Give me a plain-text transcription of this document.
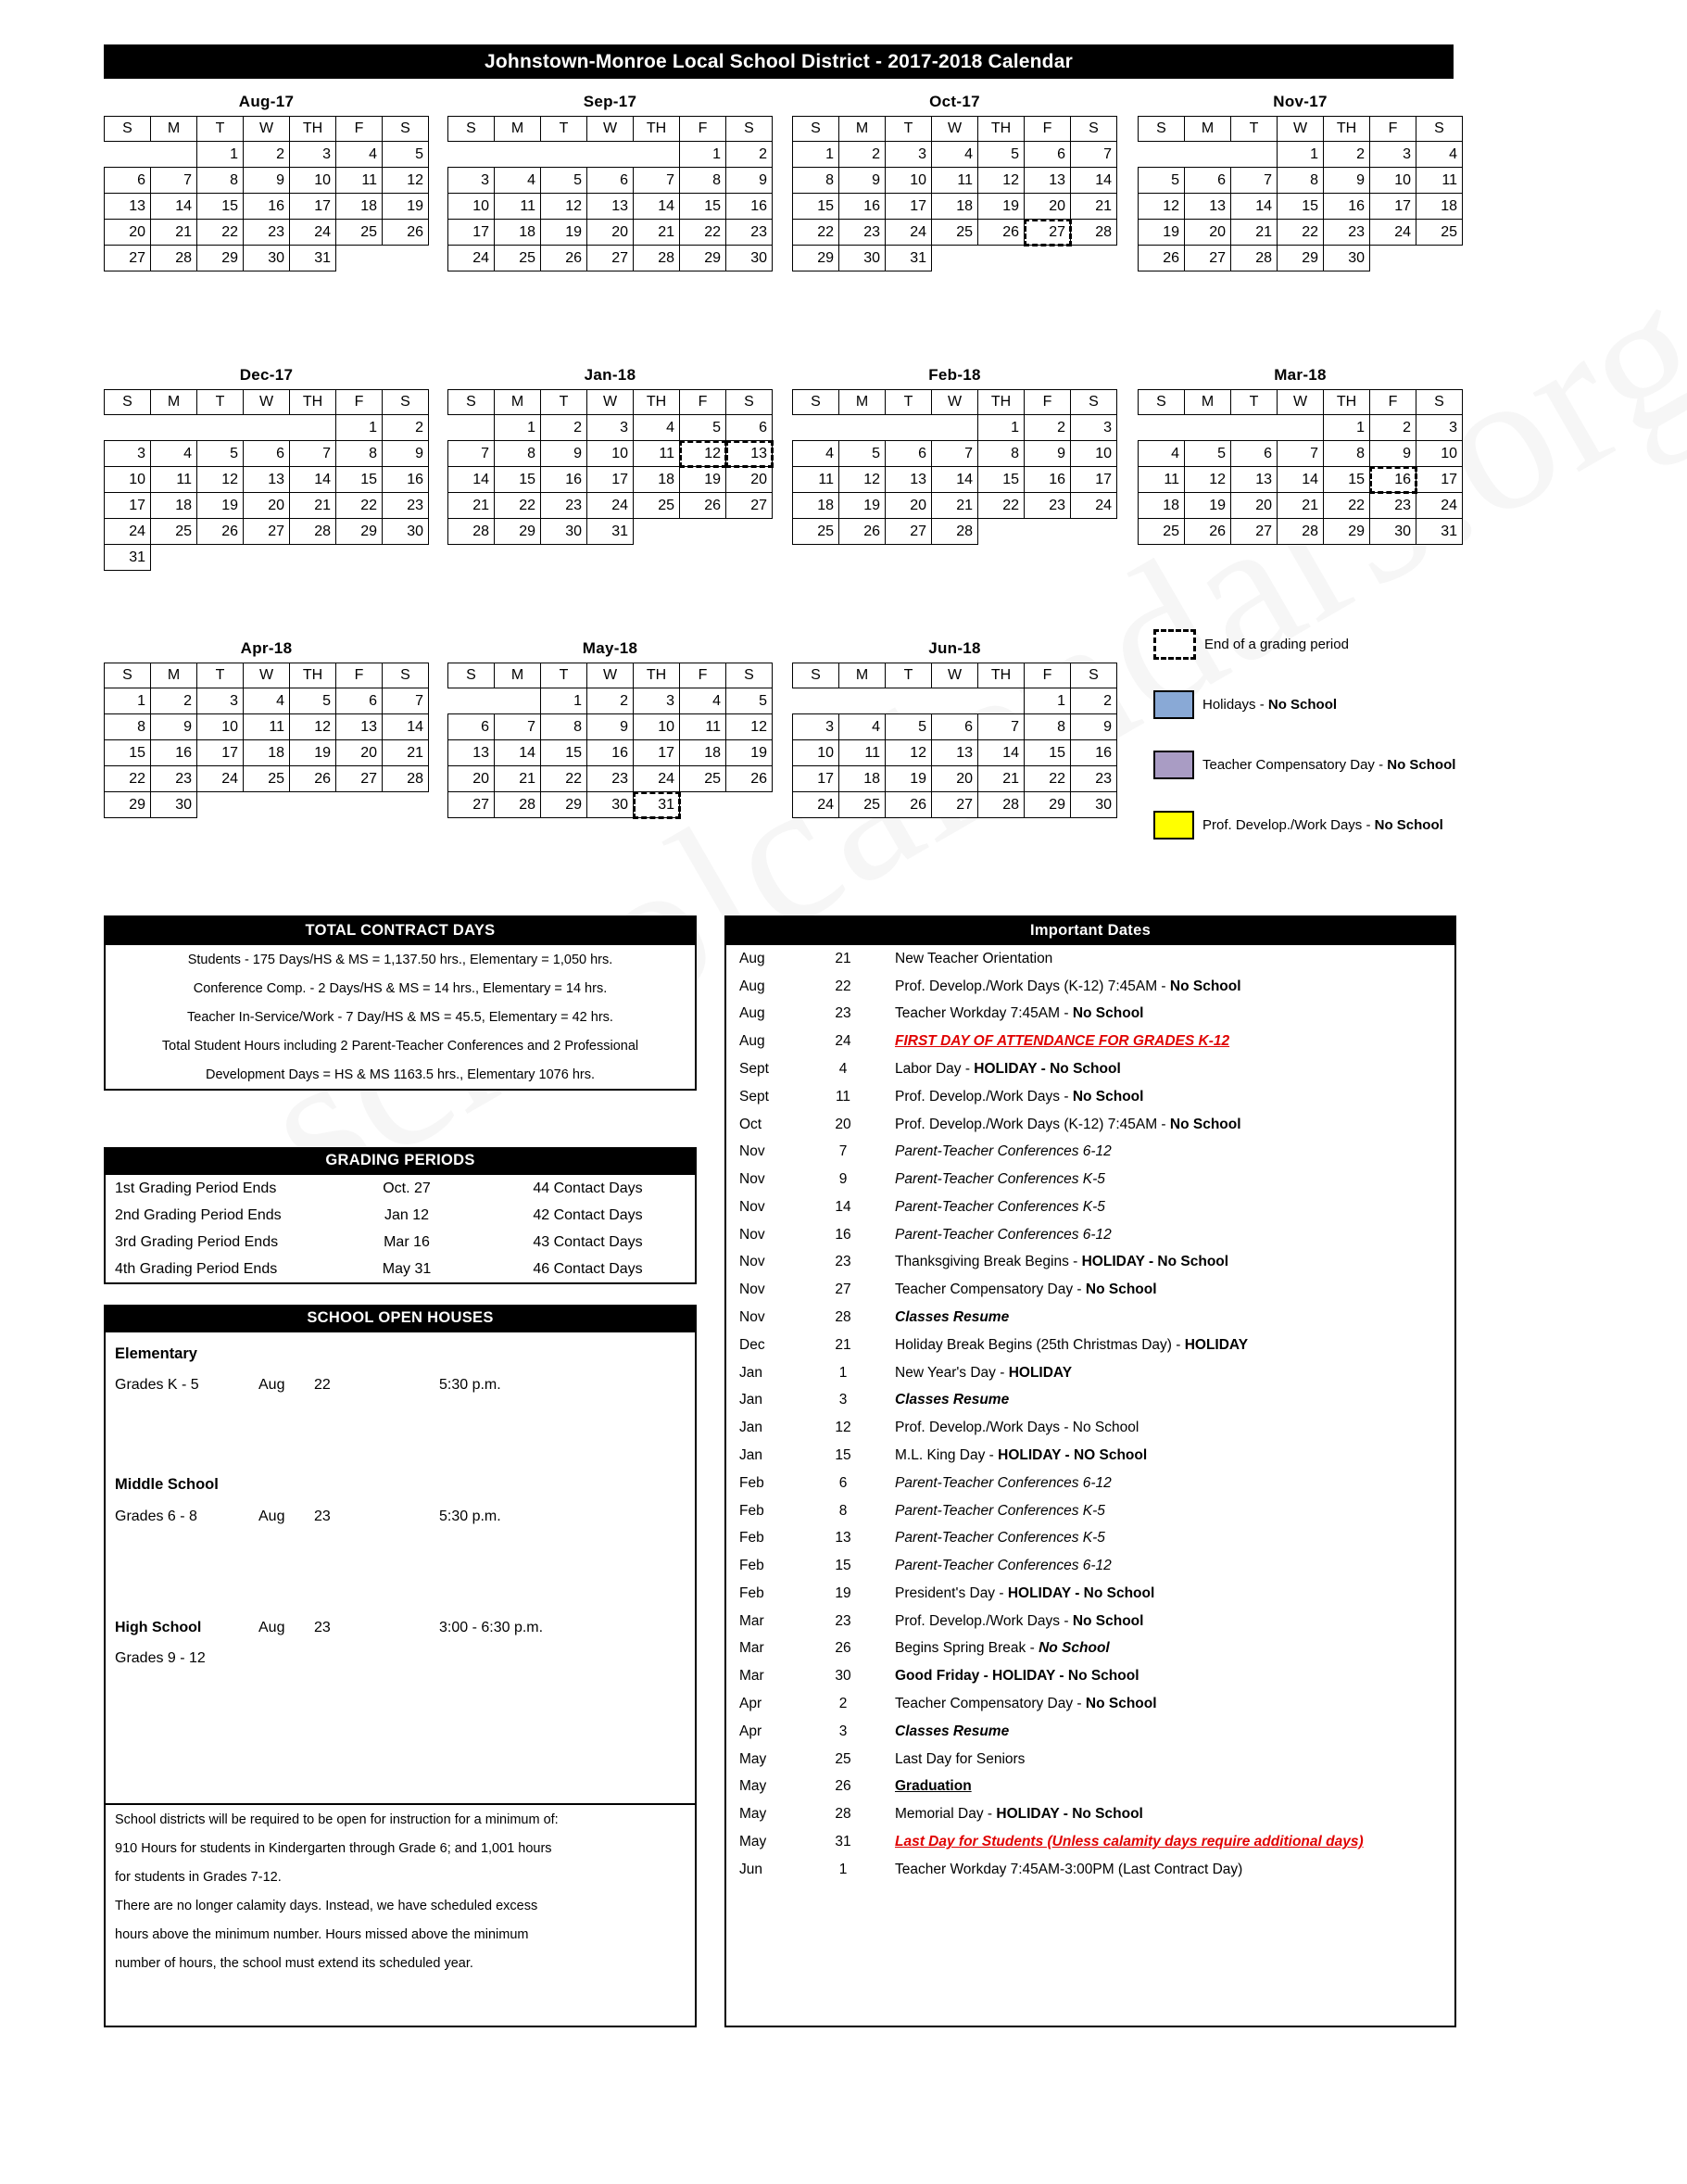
Johnstown-Monroe Local School District - 2017-2018 Calendar
Aug-17
S	M	T	W	TH	F	S
		1	2	3	4	5
6	7	8	9	10	11	12
13	14	15	16	17	18	19
20	21	22	23	24	25	26
27	28	29	30	31		
Sep-17
S	M	T	W	TH	F	S
					1	2
3	4	5	6	7	8	9
10	11	12	13	14	15	16
17	18	19	20	21	22	23
24	25	26	27	28	29	30
Oct-17
S	M	T	W	TH	F	S
1	2	3	4	5	6	7
8	9	10	11	12	13	14
15	16	17	18	19	20	21
22	23	24	25	26	27	28
29	30	31				
Nov-17
S	M	T	W	TH	F	S
			1	2	3	4
5	6	7	8	9	10	11
12	13	14	15	16	17	18
19	20	21	22	23	24	25
26	27	28	29	30		
Dec-17
S	M	T	W	TH	F	S
					1	2
3	4	5	6	7	8	9
10	11	12	13	14	15	16
17	18	19	20	21	22	23
24	25	26	27	28	29	30
31						
Jan-18
S	M	T	W	TH	F	S
	1	2	3	4	5	6
7	8	9	10	11	12	13
14	15	16	17	18	19	20
21	22	23	24	25	26	27
28	29	30	31			
Feb-18
S	M	T	W	TH	F	S
				1	2	3
4	5	6	7	8	9	10
11	12	13	14	15	16	17
18	19	20	21	22	23	24
25	26	27	28			
Mar-18
S	M	T	W	TH	F	S
				1	2	3
4	5	6	7	8	9	10
11	12	13	14	15	16	17
18	19	20	21	22	23	24
25	26	27	28	29	30	31
Apr-18
S	M	T	W	TH	F	S
1	2	3	4	5	6	7
8	9	10	11	12	13	14
15	16	17	18	19	20	21
22	23	24	25	26	27	28
29	30					
May-18
S	M	T	W	TH	F	S
		1	2	3	4	5
6	7	8	9	10	11	12
13	14	15	16	17	18	19
20	21	22	23	24	25	26
27	28	29	30	31		
Jun-18
S	M	T	W	TH	F	S
					1	2
3	4	5	6	7	8	9
10	11	12	13	14	15	16
17	18	19	20	21	22	23
24	25	26	27	28	29	30
End of a grading period
Holidays - No School
Teacher Compensatory Day - No School
Prof. Develop./Work Days - No School
TOTAL CONTRACT DAYS
Students - 175 Days/HS & MS = 1,137.50 hrs., Elementary = 1,050 hrs.
Conference Comp. - 2 Days/HS & MS = 14 hrs., Elementary = 14 hrs.
Teacher In-Service/Work - 7 Day/HS & MS = 45.5, Elementary = 42 hrs.
Total Student Hours including 2 Parent-Teacher Conferences and 2 Professional
Development Days = HS & MS 1163.5 hrs., Elementary 1076 hrs.
GRADING PERIODS
1st Grading Period Ends	Oct. 27	44 Contact Days
2nd Grading Period Ends	Jan 12	42 Contact Days
3rd Grading Period Ends	Mar 16	43 Contact Days
4th Grading Period Ends	May 31	46 Contact Days
SCHOOL OPEN HOUSES
Elementary
Grades K - 5	Aug	22	5:30 p.m.
Middle School
Grades 6 - 8	Aug	23	5:30 p.m.
High School	Aug	23	3:00 - 6:30 p.m.
Grades 9 - 12
School districts will be required to be open for instruction for a minimum of:
910 Hours for students in Kindergarten through Grade 6; and 1,001 hours
for students in Grades 7-12.
There are no longer calamity days. Instead, we have scheduled excess
hours above the minimum number. Hours missed above the minimum
number of hours, the school must extend its scheduled year.
Important Dates
Aug	21	New Teacher Orientation
Aug	22	Prof. Develop./Work Days (K-12) 7:45AM - No School
Aug	23	Teacher Workday 7:45AM - No School
Aug	24	FIRST DAY OF ATTENDANCE FOR GRADES K-12
Sept	4	Labor Day - HOLIDAY - No School
Sept	11	Prof. Develop./Work Days - No School
Oct	20	Prof. Develop./Work Days (K-12) 7:45AM - No School
Nov	7	Parent-Teacher Conferences 6-12
Nov	9	Parent-Teacher Conferences K-5
Nov	14	Parent-Teacher Conferences K-5
Nov	16	Parent-Teacher Conferences 6-12
Nov	23	Thanksgiving Break Begins - HOLIDAY - No School
Nov	27	Teacher Compensatory Day - No School
Nov	28	Classes Resume
Dec	21	Holiday Break Begins (25th Christmas Day) - HOLIDAY
Jan	1	New Year's Day - HOLIDAY
Jan	3	Classes Resume
Jan	12	Prof. Develop./Work Days - No School
Jan	15	M.L. King Day - HOLIDAY - NO School
Feb	6	Parent-Teacher Conferences 6-12
Feb	8	Parent-Teacher Conferences K-5
Feb	13	Parent-Teacher Conferences K-5
Feb	15	Parent-Teacher Conferences 6-12
Feb	19	President's Day - HOLIDAY - No School
Mar	23	Prof. Develop./Work Days - No School
Mar	26	Begins Spring Break - No School
Mar	30	Good Friday - HOLIDAY - No School
Apr	2	Teacher Compensatory Day - No School
Apr	3	Classes Resume
May	25	Last Day for Seniors
May	26	Graduation
May	28	Memorial Day - HOLIDAY - No School
May	31	Last Day for Students (Unless calamity days require additional days)
Jun	1	Teacher Workday 7:45AM-3:00PM (Last Contract Day)
